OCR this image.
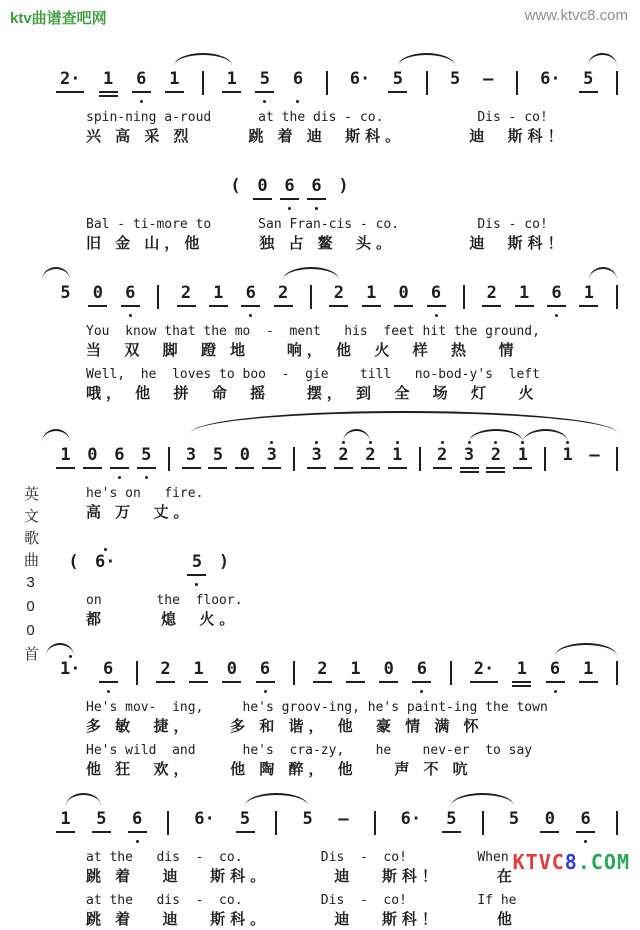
ktv曲谱查吧网	www.ktvc8.com
英文歌曲300首
2· 1 6 1	1 5 6	6· 5	5 —	6· 5
spin-ning a-roud      at the dis - co.            Dis - co!
兴 高 采 烈      跳 着 迪  斯科。       迪  斯科！
( 0 6 6 )
Bal - ti-more to      San Fran-cis - co.          Dis - co!
旧 金 山，他      独 占 鳌  头。        迪  斯科！
5 0 6	2 1 6 2	2 1 0 6	2 1 6 1
You  know that the mo  -  ment   his  feet hit the ground,
当  双  脚  蹬 地    响， 他  火  样  热   情
Well,  he  loves to boo  -  gie    till   no-bod-y's  left
哦， 他  拼  命  摇    摆， 到  全  场  灯   火
1 0 6 5 3 5 0 3 3 2 2 1 2 3 2 1 1 —
he's on   fire.
高 万  丈。
( 6·	5 )
on       the  floor.
都      熄  火。
1· 6	2 1 0 6	2 1 0 6	2· 1 6 1
He's mov-  ing,     he's groov-ing, he's paint-ing the town
多 敏  捷，    多 和 谐， 他  豪 情 满 怀
He's wild  and      he's  cra-zy,    he    nev-er  to say
他 狂  欢，    他 陶 醉， 他    声 不 吭
1 5 6	6· 5	5 —	6· 5	5 0 6
at the   dis  -  co.          Dis  -  co!         When
跳 着   迪   斯科。       迪   斯科！      在
at the   dis  -  co.          Dis  -  co!         If he
跳 着   迪   斯科。       迪   斯科！      他
KTVC8.COM
